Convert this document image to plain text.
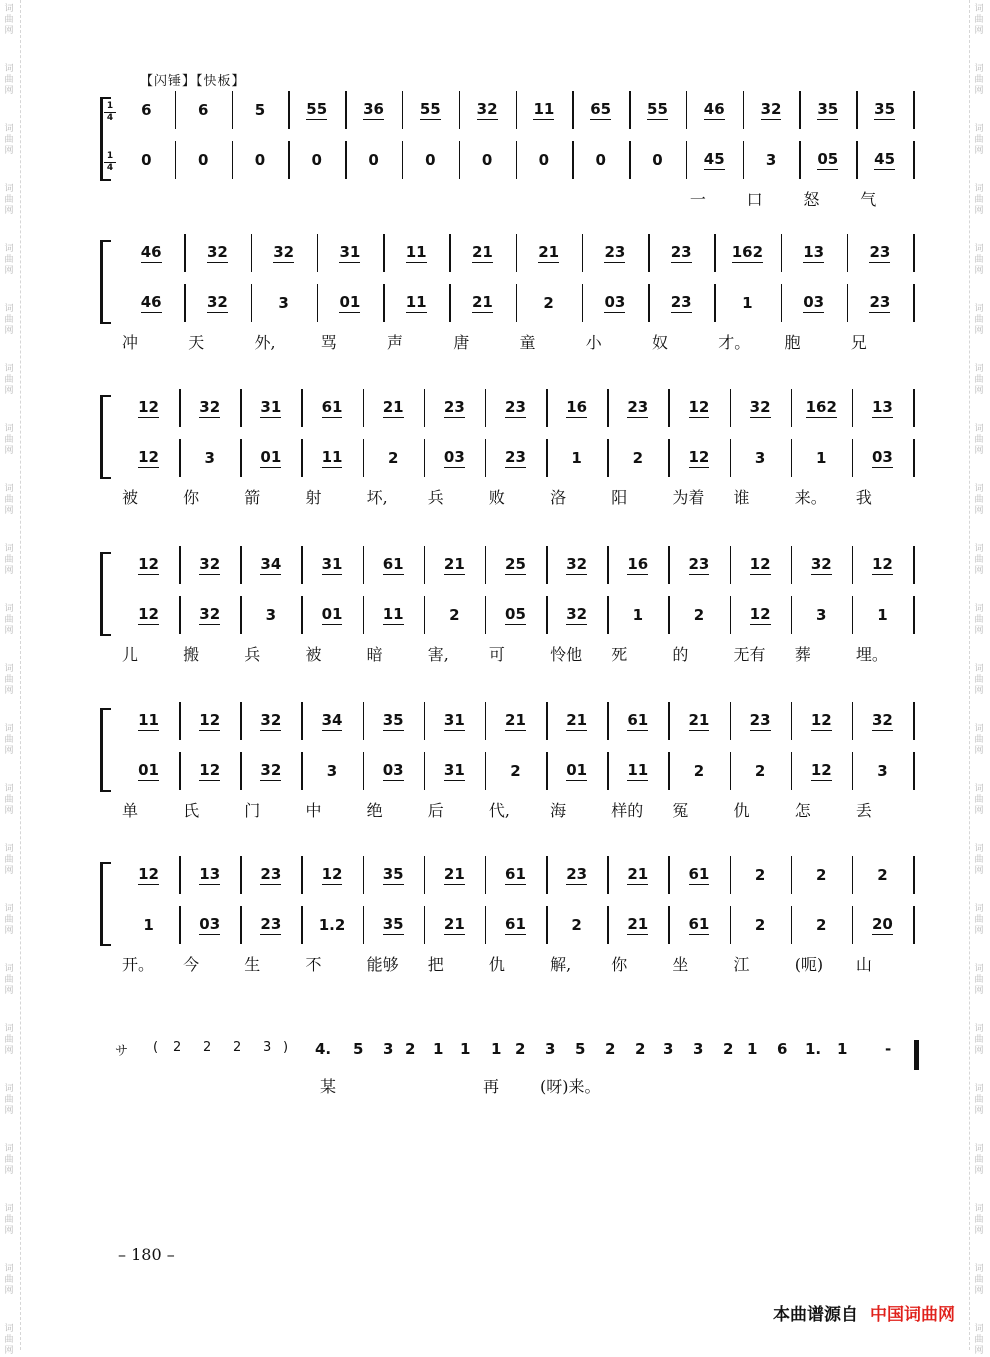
词
曲
网
词
曲
网
词
曲
网
词
曲
网
词
曲
网
词
曲
网
词
曲
网
词
曲
网
词
曲
网
词
曲
网
词
曲
网
词
曲
网
词
曲
网
词
曲
网
词
曲
网
词
曲
网
词
曲
网
词
曲
网
词
曲
网
词
曲
网
词
曲
网
词
曲
网
词
曲
网
词
曲
网
词
曲
网
词
曲
网
词
曲
网
词
曲
网
词
曲
网
词
曲
网
词
曲
网
词
曲
网
词
曲
网
词
曲
网
词
曲
网
词
曲
网
词
曲
网
词
曲
网
词
曲
网
词
曲
网
词
曲
网
词
曲
网
词
曲
网
词
曲
网
词
曲
网
词
曲
网
【闪锤】【快板】
6	6	5	55 36 55 32 11 65 55 46 32 35 35
1
4
0	0	0	0	0	0	0	0	0	0	45	3	05 45
1
4
一	口	怒	气
46	32	32	31	11	21	21	23	23	162	13	23
46	32	3	01	11	21	2	03	23	1	03	23
冲	天	外,	骂	声	唐	童	小	奴	才。 胞	兄
12	32	31	61	21	23	23	16	23	12	32 162 13
12	3	01	11	2	03	23	1	2	12	3	1	03
被	你	箭	射	坏,	兵	败	洛	阳	为着 谁	来。 我
12	32	34	31	61	21	25	32	16	23	12	32	12
12	32	3	01	11	2	05	32	1	2	12	3	1
儿	搬	兵	被	暗	害,	可	怜他 死	的	无有 葬	埋。
11	12	32	34	35	31	21	21	61	21	23	12	32
01	12	32	3	03	31	2	01	11	2	2	12	3
单	氏	门	中	绝	后	代,	海	样的 冤	仇	怎	丢
12	13	23	12	35	21	61	23	21	61	2	2	2
1	03	23 1.2 35	21	61	2	21	61	2	2	20
开。 今	生	不	能够 把	仇	解,	你	坐	江	(呃) 山
サ ( 2 2 2 3 ) 4. 5 3 2 1 1 1 2 3 5 2 2 3 3 2 1 6 1. 1	-
某	再	(呀)来。
– 180 –
本曲谱源自 中国词曲网
